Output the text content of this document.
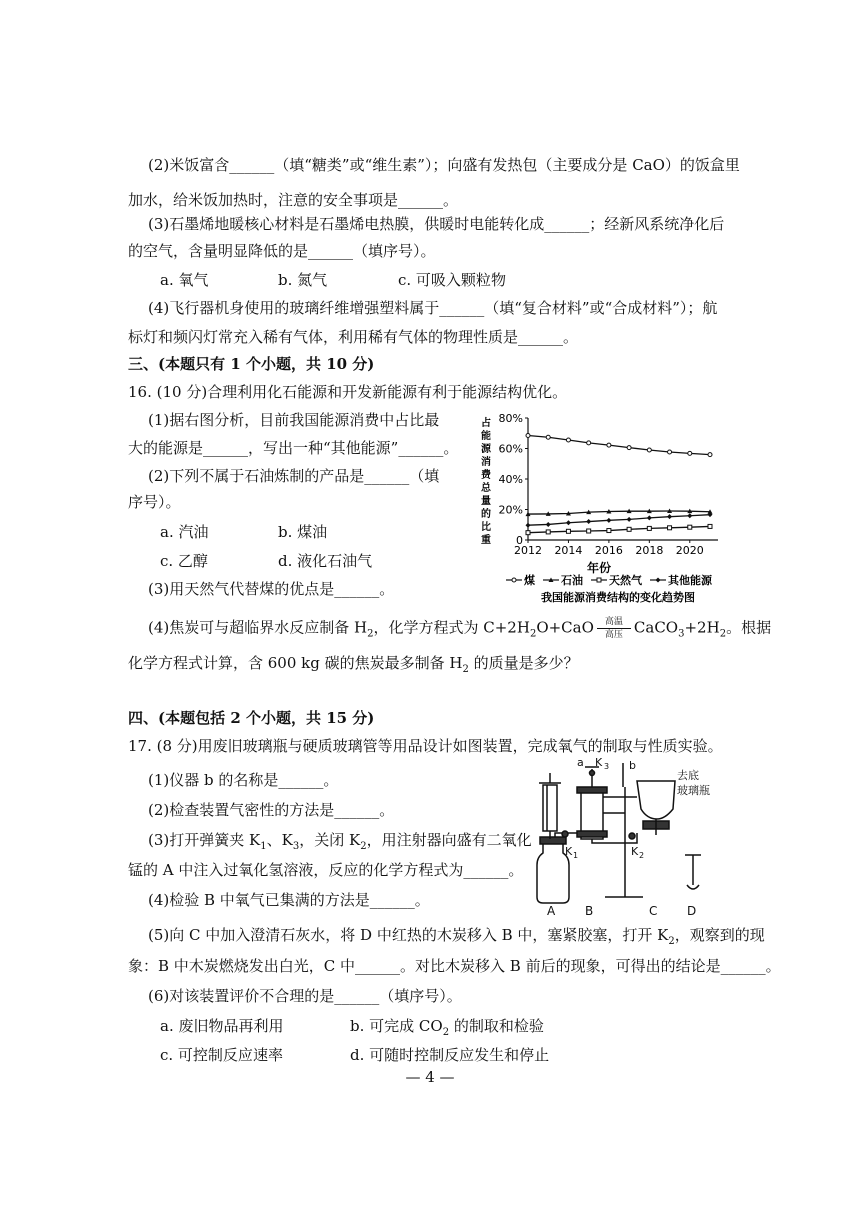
(2)米饭富含______（填“糖类”或“维生素”）；向盛有发热包（主要成分是 CaO）的饭盒里
加水，给米饭加热时，注意的安全事项是______。
(3)石墨烯地暖核心材料是石墨烯电热膜，供暖时电能转化成______；经新风系统净化后
的空气，含量明显降低的是______（填序号）。
a. 氧气	b. 氮气	c. 可吸入颗粒物
(4)飞行器机身使用的玻璃纤维增强塑料属于______（填“复合材料”或“合成材料”）；航
标灯和频闪灯常充入稀有气体，利用稀有气体的物理性质是______。
三、(本题只有 1 个小题，共 10 分)
16. (10 分)合理利用化石能源和开发新能源有利于能源结构优化。
(1)据右图分析，目前我国能源消费中占比最
大的能源是______，写出一种“其他能源”______。
(2)下列不属于石油炼制的产品是______（填
序号）。
a. 汽油	b. 煤油
c. 乙醇	d. 液化石油气
(3)用天然气代替煤的优点是______。
(4)焦炭可与超临界水反应制备 $H_2$，化学方程式为 $C+2H_2O+CaO$ 高温
高压 $CaCO_3+2H_2$。根据
化学方程式计算，含 600 kg 碳的焦炭最多制备 $H_2$ 的质量是多少？
占
能
源
消
费
总
量
的
比
重 0
20%
40%
60%
80%
2012 2014 2016 2018 2020
年份
煤 石油 天然气 其他能源
我国能源消费结构的变化趋势图
四、(本题包括 2 个小题，共 15 分)
17. (8 分)用废旧玻璃瓶与硬质玻璃管等用品设计如图装置，完成氧气的制取与性质实验。
(1)仪器 b 的名称是______。
(2)检查装置气密性的方法是______。
(3)打开弹簧夹 $K_1$、$K_3$，关闭 $K_2$，用注射器向盛有二氧化
锰的 A 中注入过氧化氢溶液，反应的化学方程式为______。
(4)检验 B 中氧气已集满的方法是______。
(5)向 C 中加入澄清石灰水，将 D 中红热的木炭移入 B 中，塞紧胶塞，打开 $K_2$，观察到的现
象：B 中木炭燃烧发出白光，C 中______。对比木炭移入 B 前后的现象，可得出的结论是______。
(6)对该装置评价不合理的是______（填序号）。
a. 废旧物品再利用	b. 可完成 $CO_2$ 的制取和检验
c. 可控制反应速率	d. 可随时控制反应发生和停止
a K 3 b
去底
玻璃瓶
K 1	K 2
A B	C D
— 4 —
